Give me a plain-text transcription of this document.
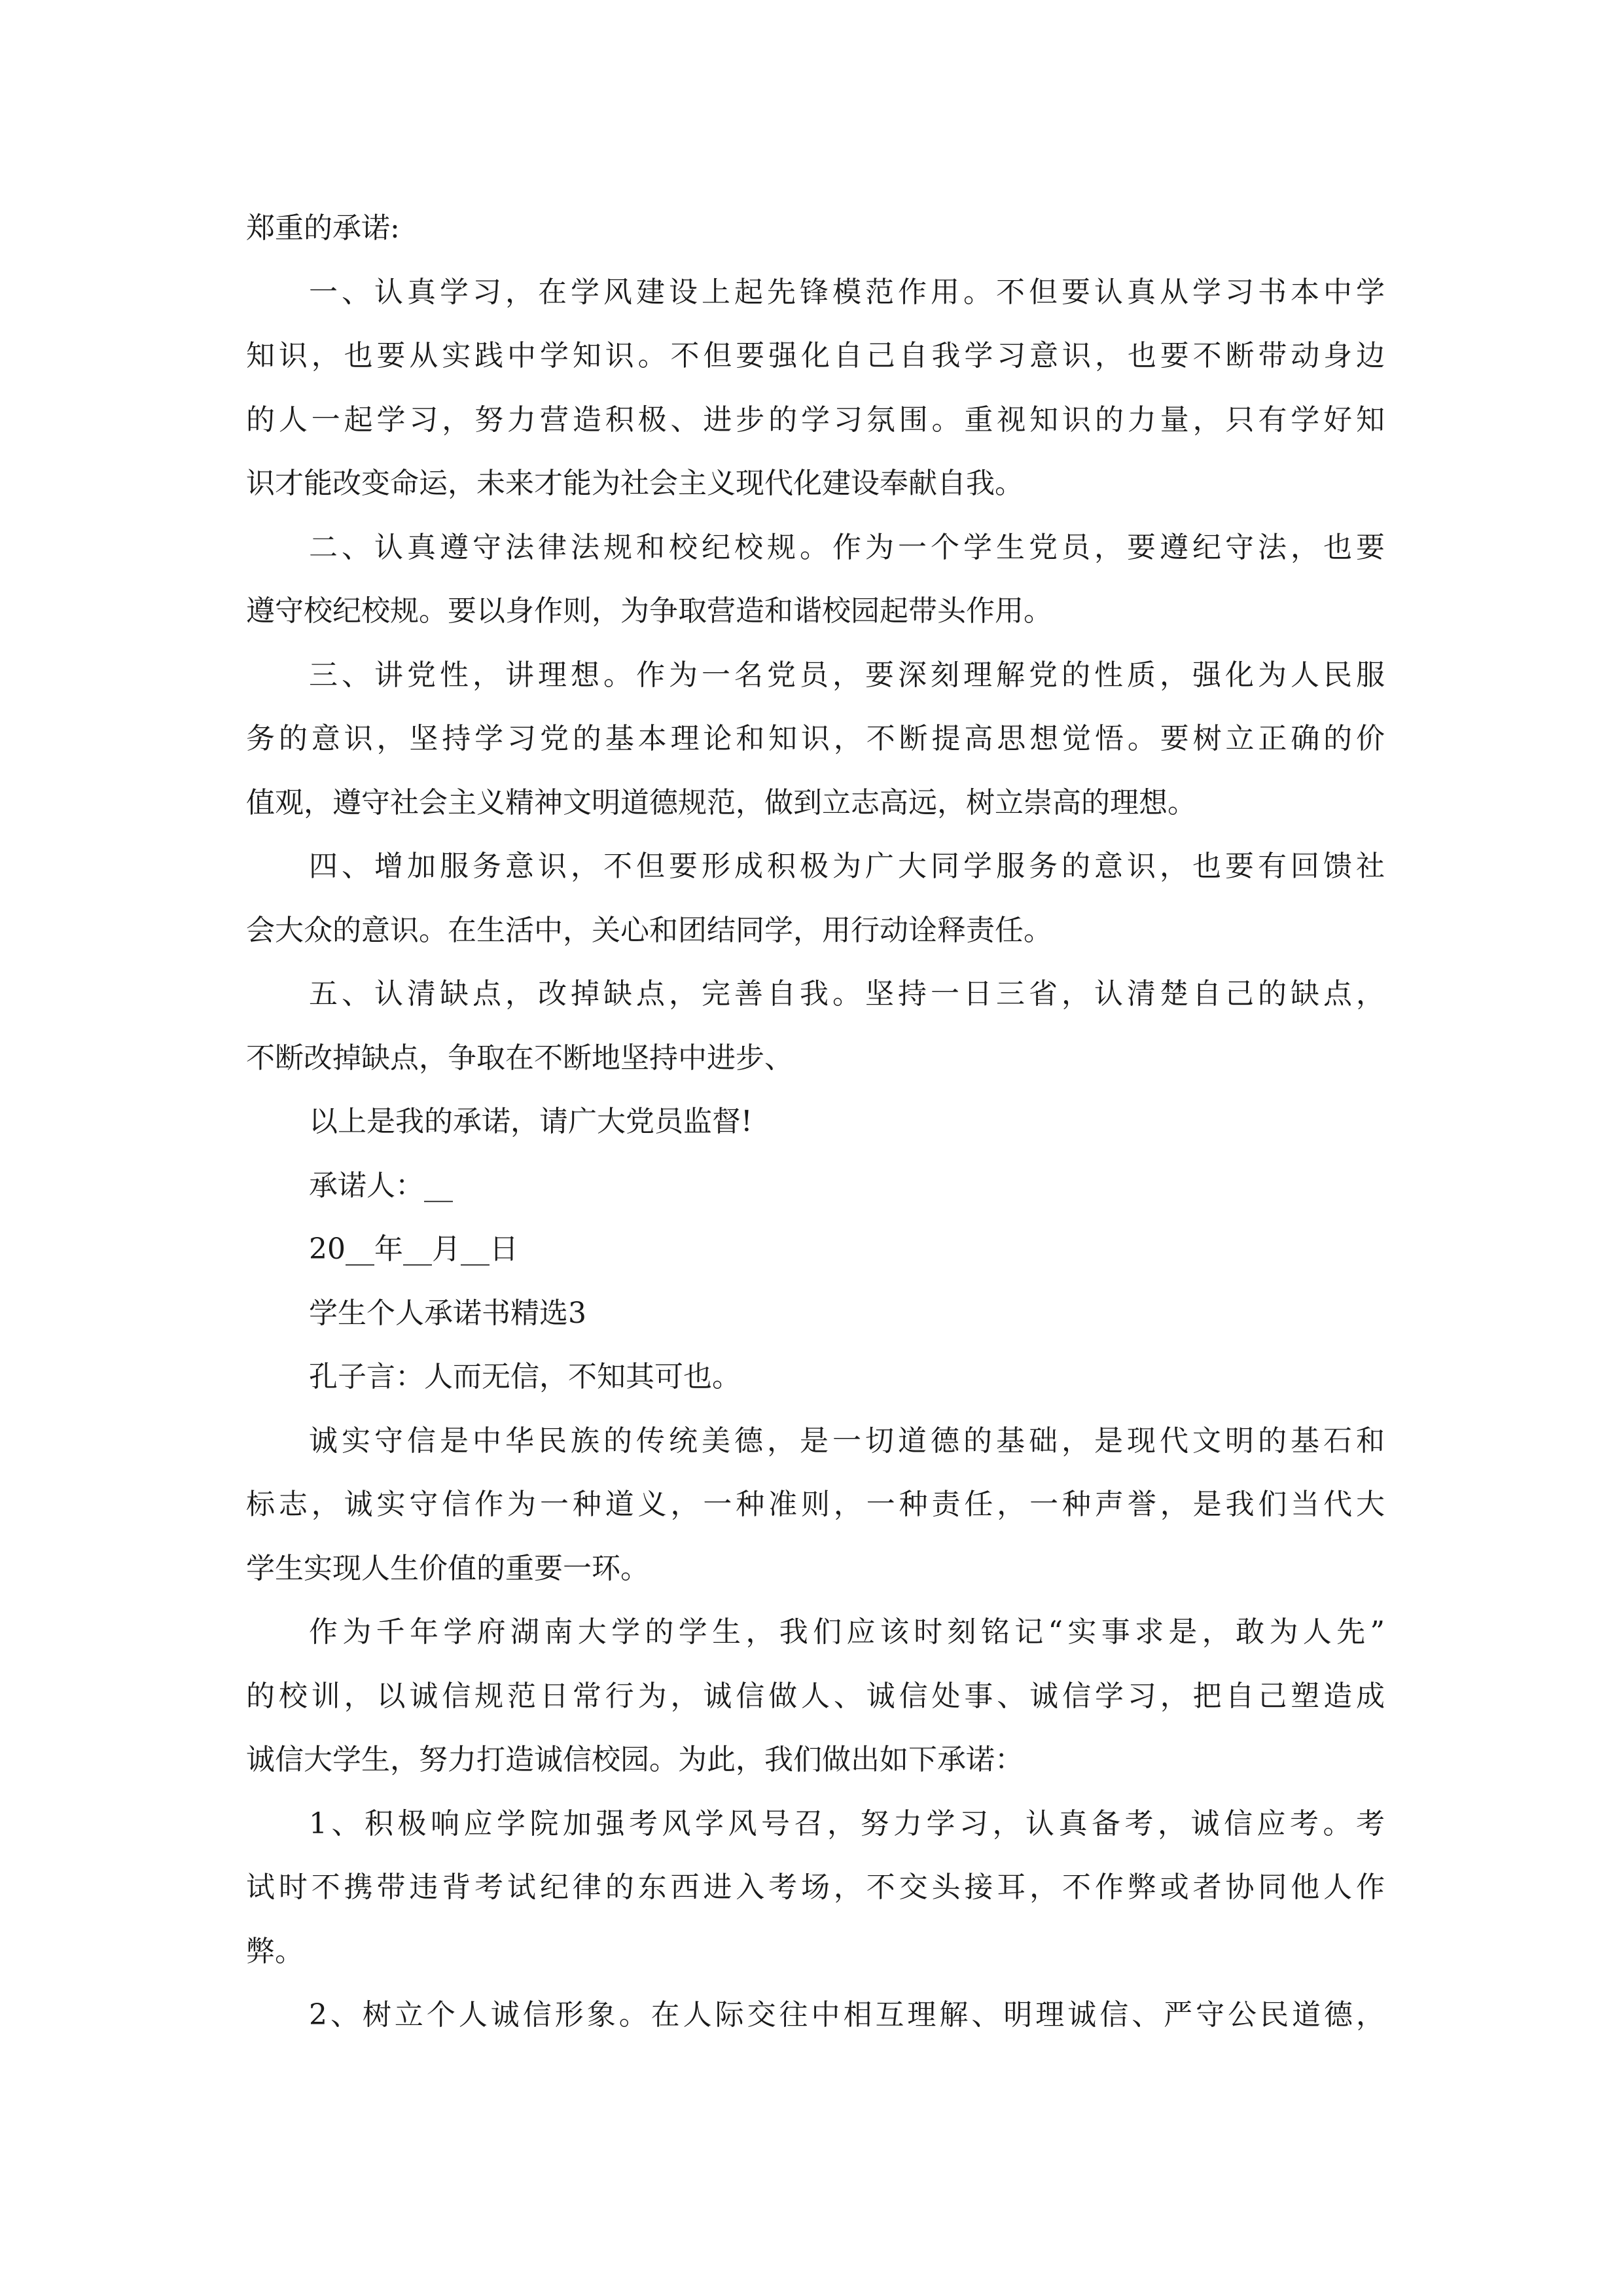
郑重的承诺:

一、认真学习，在学风建设上起先锋模范作用。不但要认真从学习书本中学

知识，也要从实践中学知识。不但要强化自己自我学习意识，也要不断带动身边

的人一起学习，努力营造积极、进步的学习氛围。重视知识的力量，只有学好知

识才能改变命运，未来才能为社会主义现代化建设奉献自我。

二、认真遵守法律法规和校纪校规。作为一个学生党员，要遵纪守法，也要

遵守校纪校规。要以身作则，为争取营造和谐校园起带头作用。

三、讲党性，讲理想。作为一名党员，要深刻理解党的性质，强化为人民服

务的意识，坚持学习党的基本理论和知识，不断提高思想觉悟。要树立正确的价

值观，遵守社会主义精神文明道德规范，做到立志高远，树立崇高的理想。

四、增加服务意识，不但要形成积极为广大同学服务的意识，也要有回馈社

会大众的意识。在生活中，关心和团结同学，用行动诠释责任。

五、认清缺点，改掉缺点，完善自我。坚持一日三省，认清楚自己的缺点，

不断改掉缺点，争取在不断地坚持中进步、

以上是我的承诺，请广大党员监督!

承诺人：__

20__年__月__日

学生个人承诺书精选3

孔子言：人而无信，不知其可也。

诚实守信是中华民族的传统美德，是一切道德的基础，是现代文明的基石和

标志，诚实守信作为一种道义，一种准则，一种责任，一种声誉，是我们当代大

学生实现人生价值的重要一环。

作为千年学府湖南大学的学生，我们应该时刻铭记“实事求是，敢为人先”

的校训，以诚信规范日常行为，诚信做人、诚信处事、诚信学习，把自己塑造成

诚信大学生，努力打造诚信校园。为此，我们做出如下承诺：

1、积极响应学院加强考风学风号召，努力学习，认真备考，诚信应考。考

试时不携带违背考试纪律的东西进入考场，不交头接耳，不作弊或者协同他人作

弊。

2、树立个人诚信形象。在人际交往中相互理解、明理诚信、严守公民道德，
